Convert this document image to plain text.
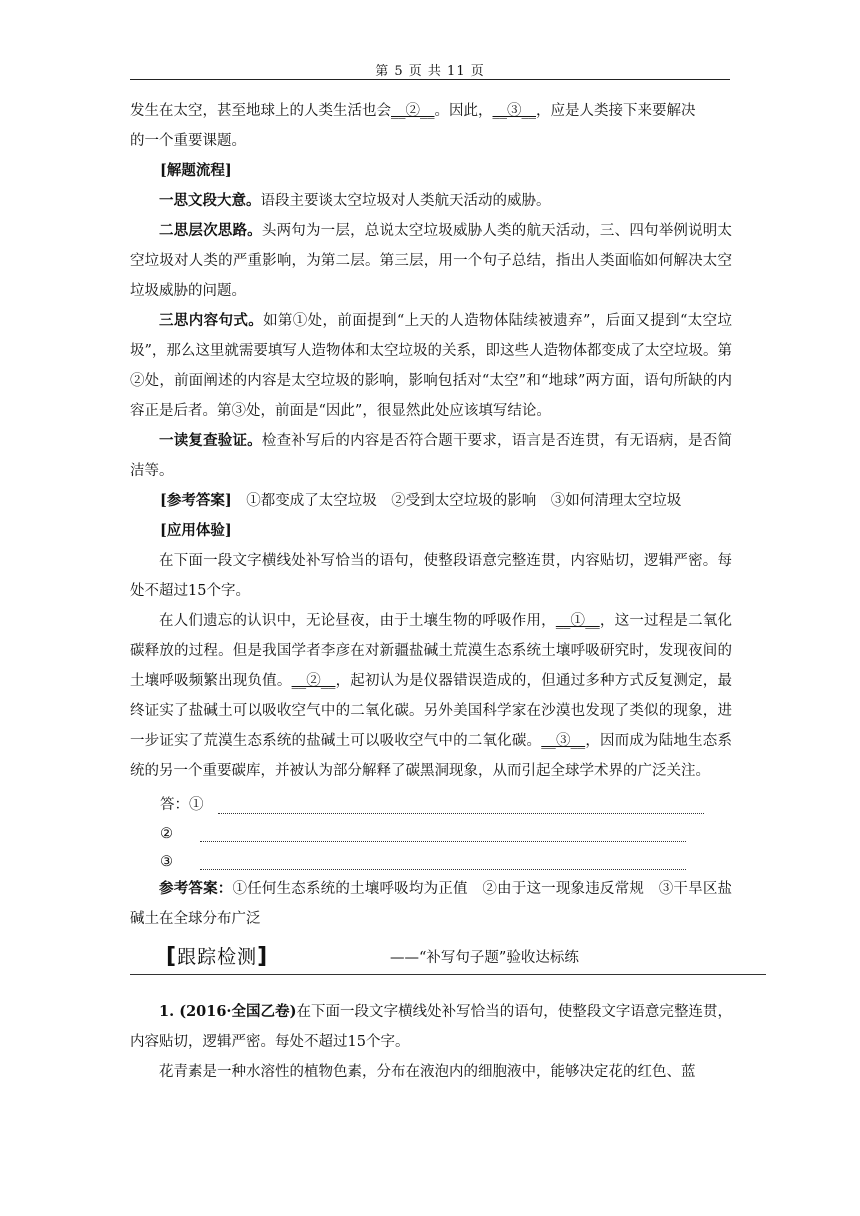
第 5 页 共 11 页

发生在太空，甚至地球上的人类生活也会__②__。因此，__③__，应是人类接下来要解决

的一个重要课题。

[解题流程]

一思文段大意。语段主要谈太空垃圾对人类航天活动的威胁。

二思层次思路。头两句为一层，总说太空垃圾威胁人类的航天活动，三、四句举例说明太空垃圾对人类的严重影响，为第二层。第三层，用一个句子总结，指出人类面临如何解决太空垃圾威胁的问题。

三思内容句式。如第①处，前面提到“上天的人造物体陆续被遗弃”，后面又提到“太空垃圾”，那么这里就需要填写人造物体和太空垃圾的关系，即这些人造物体都变成了太空垃圾。第②处，前面阐述的内容是太空垃圾的影响，影响包括对“太空”和“地球”两方面，语句所缺的内容正是后者。第③处，前面是“因此”，很显然此处应该填写结论。

一读复查验证。检查补写后的内容是否符合题干要求，语言是否连贯，有无语病，是否简洁等。

[参考答案]　①都变成了太空垃圾　②受到太空垃圾的影响　③如何清理太空垃圾

[应用体验]

在下面一段文字横线处补写恰当的语句，使整段语意完整连贯，内容贴切，逻辑严密。每处不超过15个字。

在人们遗忘的认识中，无论昼夜，由于土壤生物的呼吸作用，__①__，这一过程是二氧化碳释放的过程。但是我国学者李彦在对新疆盐碱土荒漠生态系统土壤呼吸研究时，发现夜间的土壤呼吸频繁出现负值。__②__，起初认为是仪器错误造成的，但通过多种方式反复测定，最终证实了盐碱土可以吸收空气中的二氧化碳。另外美国科学家在沙漠也发现了类似的现象，进一步证实了荒漠生态系统的盐碱土可以吸收空气中的二氧化碳。__③__，因而成为陆地生态系统的另一个重要碳库，并被认为部分解释了碳黑洞现象，从而引起全球学术界的广泛关注。

答：①
②
③

参考答案：①任何生态系统的土壤呼吸均为正值　②由于这一现象违反常规　③干旱区盐碱土在全球分布广泛

[跟踪检测]	——“补写句子题”验收达标练

1. (2016·全国乙卷)在下面一段文字横线处补写恰当的语句，使整段文字语意完整连贯，内容贴切，逻辑严密。每处不超过15个字。

花青素是一种水溶性的植物色素，分布在液泡内的细胞液中，能够决定花的红色、蓝
